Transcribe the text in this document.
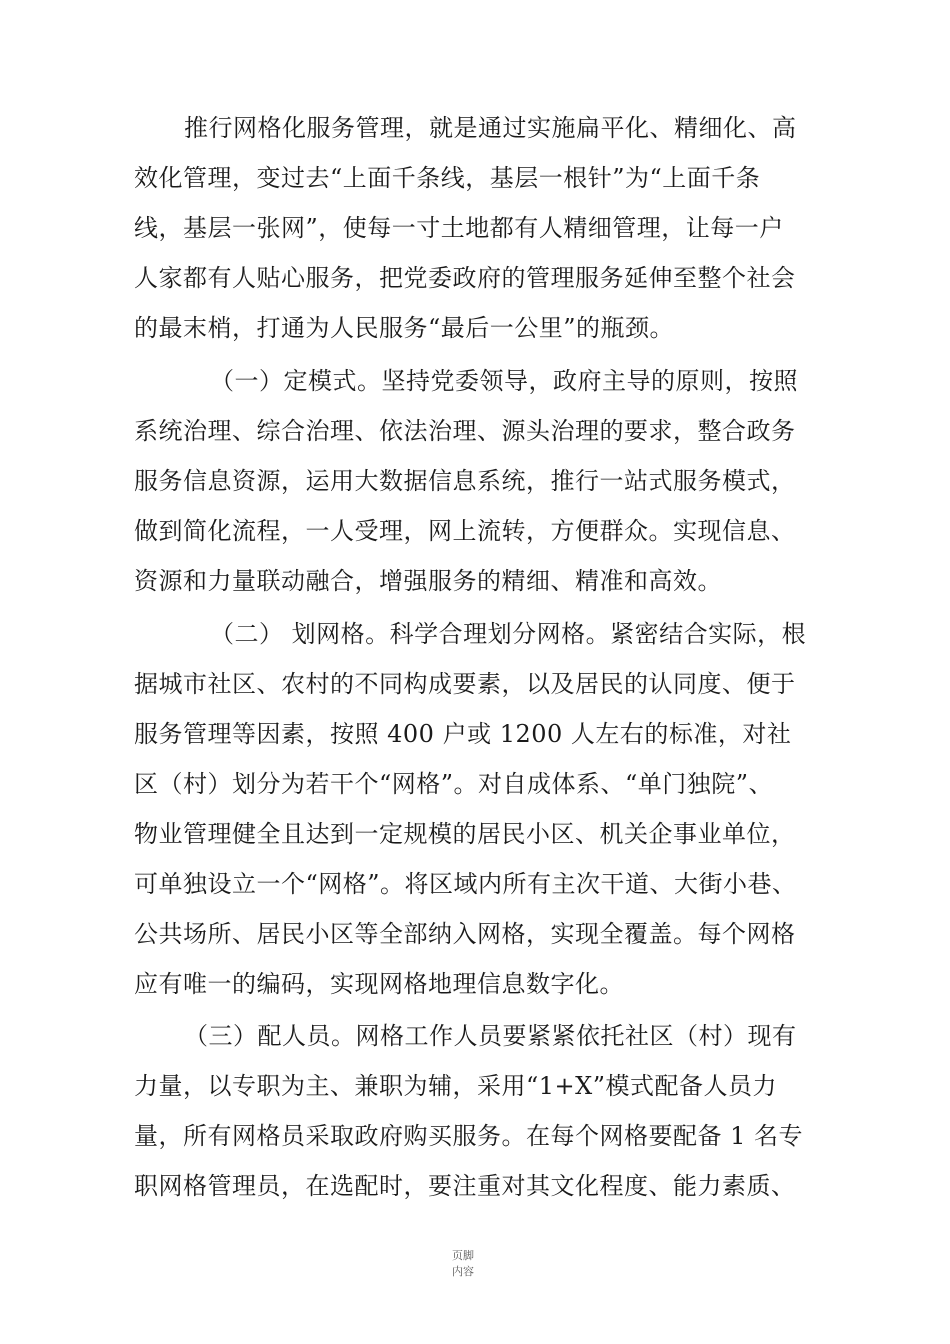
推行网格化服务管理，就是通过实施扁平化、精细化、高
效化管理，变过去“上面千条线，基层一根针”为“上面千条
线，基层一张网”，使每一寸土地都有人精细管理，让每一户
人家都有人贴心服务，把党委政府的管理服务延伸至整个社会
的最末梢，打通为人民服务“最后一公里”的瓶颈。
（一）定模式。坚持党委领导，政府主导的原则，按照
系统治理、综合治理、依法治理、源头治理的要求，整合政务
服务信息资源，运用大数据信息系统，推行一站式服务模式，
做到简化流程，一人受理，网上流转，方便群众。实现信息、
资源和力量联动融合，增强服务的精细、精准和高效。
（二） 划网格。科学合理划分网格。紧密结合实际，根
据城市社区、农村的不同构成要素，以及居民的认同度、便于
服务管理等因素，按照 400 户或 1200 人左右的标准，对社
区（村）划分为若干个“网格”。对自成体系、“单门独院”、
物业管理健全且达到一定规模的居民小区、机关企事业单位，
可单独设立一个“网格”。将区域内所有主次干道、大街小巷、
公共场所、居民小区等全部纳入网格，实现全覆盖。每个网格
应有唯一的编码，实现网格地理信息数字化。
（三）配人员。网格工作人员要紧紧依托社区（村）现有
力量，以专职为主、兼职为辅，采用“1+X”模式配备人员力
量，所有网格员采取政府购买服务。在每个网格要配备 1 名专
职网格管理员，在选配时，要注重对其文化程度、能力素质、
页脚内容
